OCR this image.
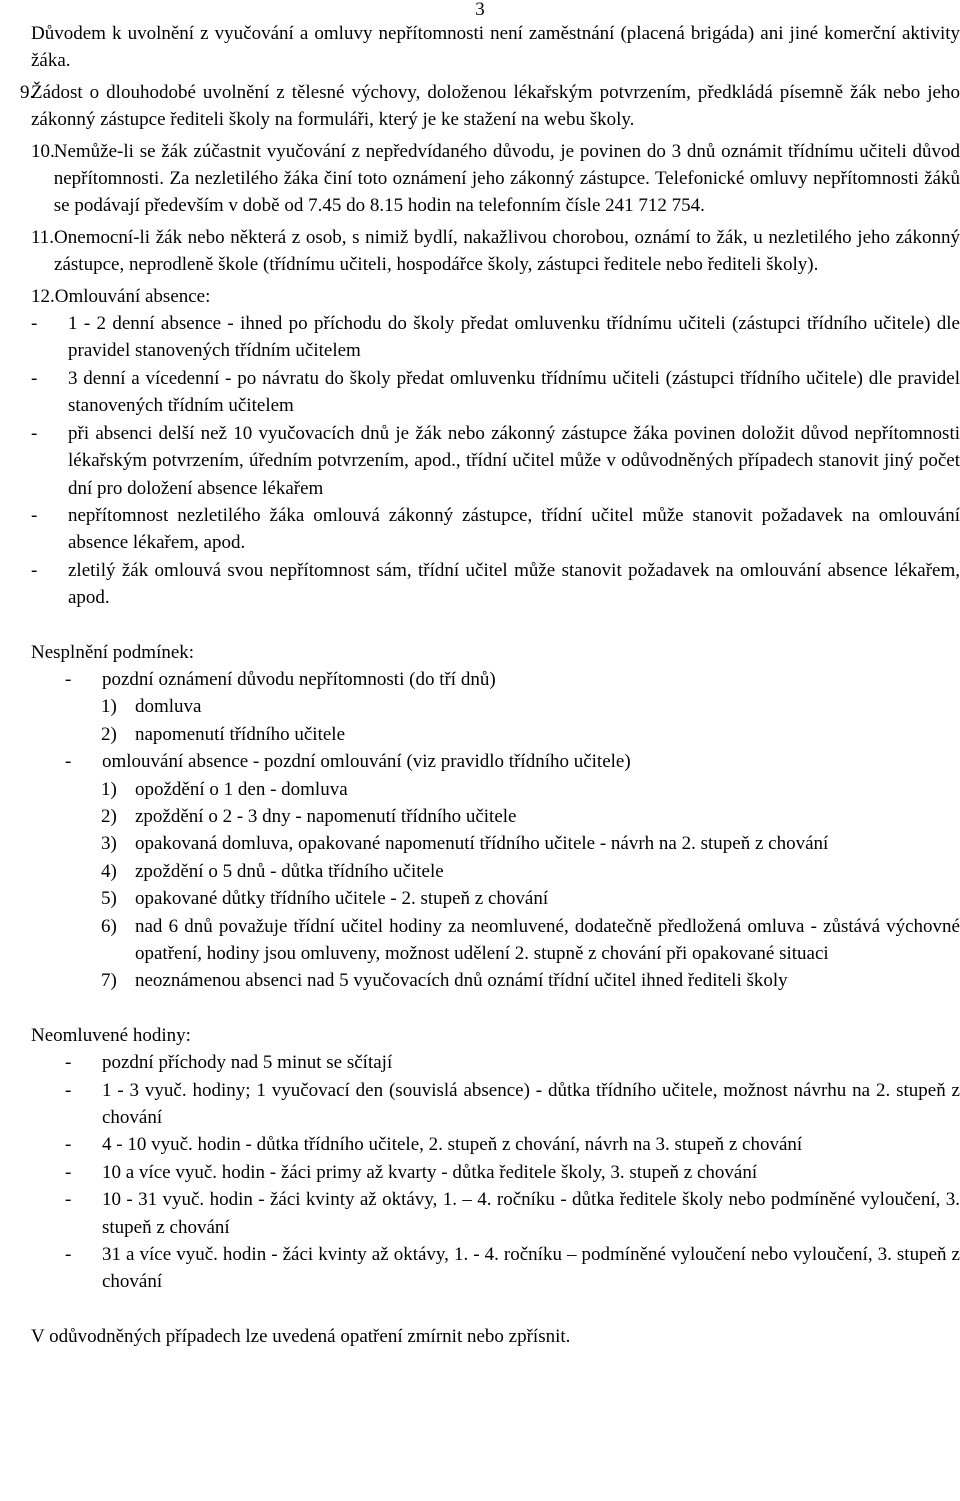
3

Důvodem k uvolnění z vyučování a omluvy nepřítomnosti není zaměstnání (placená brigáda) ani jiné komerční aktivity žáka.

9.
Žádost o dlouhodobé uvolnění z tělesné výchovy, doloženou lékařským potvrzením, předkládá písemně žák nebo jeho zákonný zástupce řediteli školy na formuláři, který je ke stažení na webu školy.
10. Nemůže-li se žák zúčastnit vyučování z nepředvídaného důvodu, je povinen do 3 dnů oznámit třídnímu učiteli důvod nepřítomnosti. Za nezletilého žáka činí toto oznámení jeho zákonný zástupce. Telefonické omluvy nepřítomnosti žáků se podávají především v době od 7.45 do 8.15 hodin na telefonním čísle 241 712 754.
11. Onemocní-li žák nebo některá z osob, s nimiž bydlí, nakažlivou chorobou, oznámí to žák, u nezletilého jeho zákonný zástupce, neprodleně škole (třídnímu učiteli, hospodářce školy, zástupci ředitele nebo řediteli školy).
12. Omlouvání absence:
-	1 - 2 denní absence - ihned po příchodu do školy předat omluvenku třídnímu učiteli (zástupci třídního učitele) dle pravidel stanovených třídním učitelem
-	3 denní a vícedenní - po návratu do školy předat omluvenku třídnímu učiteli (zástupci třídního učitele) dle pravidel stanovených třídním učitelem
-	při absenci delší než 10 vyučovacích dnů je žák nebo zákonný zástupce žáka povinen doložit důvod nepřítomnosti lékařským potvrzením, úředním potvrzením, apod., třídní učitel může v odůvodněných případech stanovit jiný počet dní pro doložení absence lékařem
-	nepřítomnost nezletilého žáka omlouvá zákonný zástupce, třídní učitel může stanovit požadavek na omlouvání absence lékařem, apod.
-	zletilý žák omlouvá svou nepřítomnost sám, třídní učitel může stanovit požadavek na omlouvání absence lékařem, apod.

Nesplnění podmínek:

-	pozdní oznámení důvodu nepřítomnosti (do tří dnů)
1) domluva
2) napomenutí třídního učitele
-	omlouvání absence - pozdní omlouvání (viz pravidlo třídního učitele)
1) opoždění o 1 den - domluva
2) zpoždění o 2 - 3 dny - napomenutí třídního učitele
3) opakovaná domluva, opakované napomenutí třídního učitele - návrh na 2. stupeň z chování
4) zpoždění o 5 dnů - důtka třídního učitele
5) opakované důtky třídního učitele - 2. stupeň z chování
6) nad 6 dnů považuje třídní učitel hodiny za neomluvené, dodatečně předložená omluva - zůstává výchovné opatření, hodiny jsou omluveny, možnost udělení 2. stupně z chování při opakované situaci
7) neoznámenou absenci nad 5 vyučovacích dnů oznámí třídní učitel ihned řediteli školy

Neomluvené hodiny:

-	pozdní příchody nad 5 minut se sčítají
-	1 - 3 vyuč. hodiny; 1 vyučovací den (souvislá absence) - důtka třídního učitele, možnost návrhu na 2. stupeň z chování
-	4 - 10 vyuč. hodin - důtka třídního učitele, 2. stupeň z chování, návrh na 3. stupeň z chování
-	10 a více vyuč. hodin - žáci primy až kvarty - důtka ředitele školy, 3. stupeň z chování
-	10 - 31 vyuč. hodin - žáci kvinty až oktávy, 1. – 4. ročníku - důtka ředitele školy nebo podmíněné vyloučení, 3. stupeň z chování
-	31 a více vyuč. hodin - žáci kvinty až oktávy, 1. - 4. ročníku – podmíněné vyloučení nebo vyloučení, 3. stupeň z chování

V odůvodněných případech lze uvedená opatření zmírnit nebo zpřísnit.
